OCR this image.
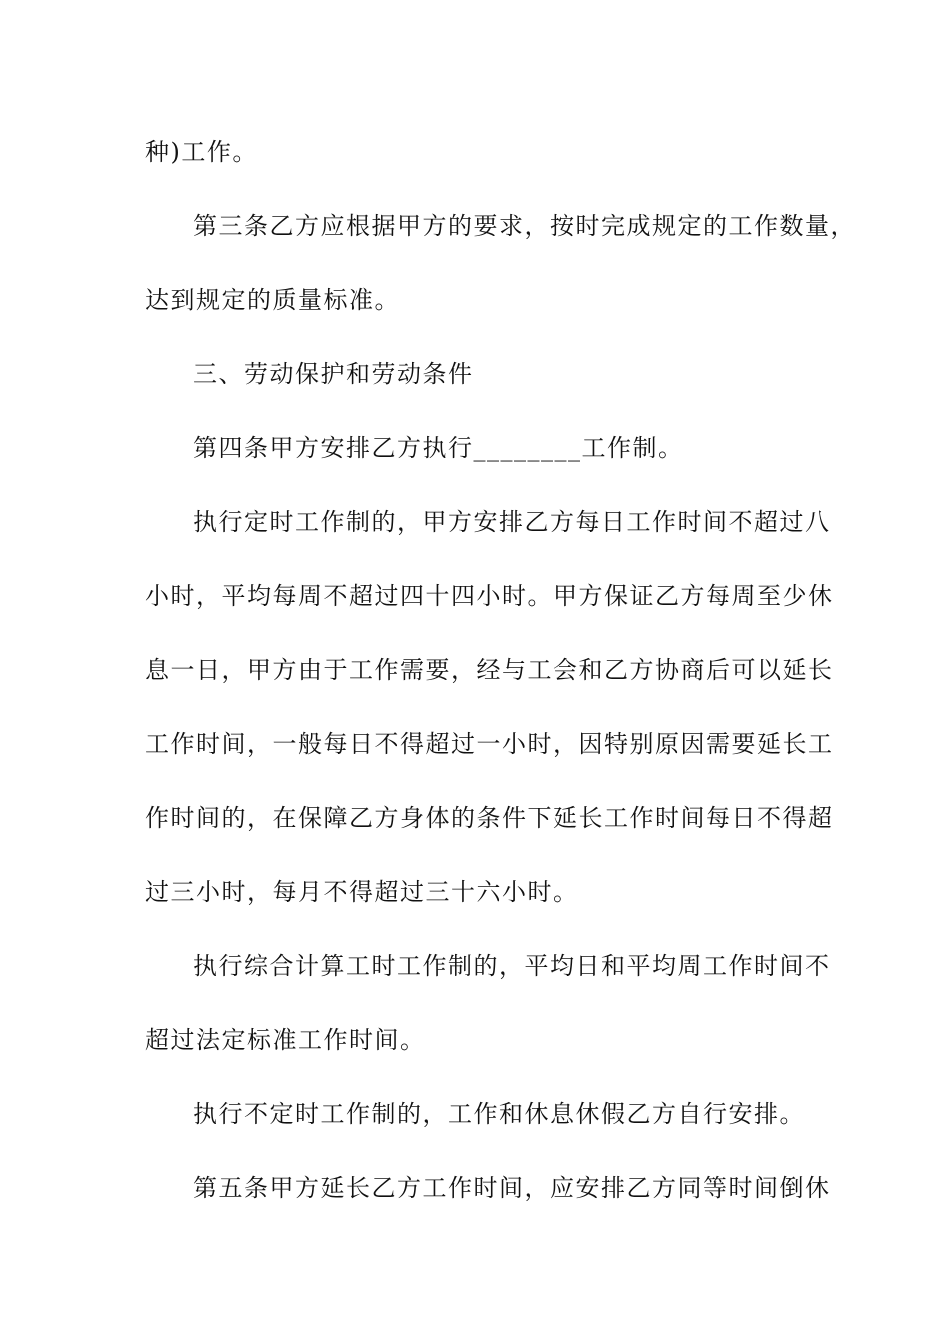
种)工作。
第三条乙方应根据甲方的要求，按时完成规定的工作数量，
达到规定的质量标准。
三、劳动保护和劳动条件
第四条甲方安排乙方执行________工作制。
执行定时工作制的，甲方安排乙方每日工作时间不超过八
小时，平均每周不超过四十四小时。甲方保证乙方每周至少休
息一日，甲方由于工作需要，经与工会和乙方协商后可以延长
工作时间，一般每日不得超过一小时，因特别原因需要延长工
作时间的，在保障乙方身体的条件下延长工作时间每日不得超
过三小时，每月不得超过三十六小时。
执行综合计算工时工作制的，平均日和平均周工作时间不
超过法定标准工作时间。
执行不定时工作制的，工作和休息休假乙方自行安排。
第五条甲方延长乙方工作时间，应安排乙方同等时间倒休
